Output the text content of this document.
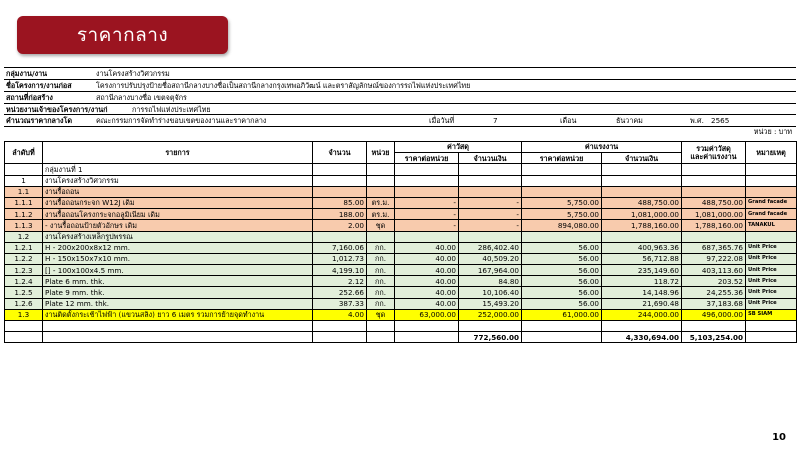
ราคากลาง
กลุ่มงาน/งาน	งานโครงสร้างวิศวกรรม
ชื่อโครงการ/งานก่อส	โครงการปรับปรุงป้ายชื่อสถานีกลางบางซื่อเป็นสถานีกลางกรุงเทพอภิวัฒน์ และตราสัญลักษณ์ของการรถไฟแห่งประเทศไทย
สถานที่ก่อสร้าง	สถานีกลางบางซื่อ เขตจตุจักร
หน่วยงานเจ้าของโครงการ/งานก่	การรถไฟแห่งประเทศไทย
คำนวณราคากลางโด	คณะกรรมการจัดทำร่างขอบเขตของงานและราคากลาง	เมื่อวันที่	7	เดือน	ธันวาคม	พ.ศ. 2565
หน่วย : บาท
ลำดับที่	รายการ	จำนวน	หน่วย	ค่าวัสดุ		ค่าแรงงาน		รวมค่าวัสดุ
และค่าแรงงาน	หมายเหตุ
				ราคาต่อหน่วย	จำนวนเงิน	ราคาต่อหน่วย	จำนวนเงิน		
	กลุ่มงานที่ 1								
1	งานโครงสร้างวิศวกรรม								
1.1	งานรื้อถอน								
1.1.1	งานรื้อถอนกระจก W12J เดิม	85.00	ตร.ม.	-	-	5,750.00	488,750.00	488,750.00	Grand facade
1.1.2	งานรื้อถอนโครงกระจกอลูมิเนียม เดิม	188.00	ตร.ม.	-	-	5,750.00	1,081,000.00	1,081,000.00	Grand facade
1.1.3	- งานรื้อถอนป้ายตัวอักษร เดิม	2.00	ชุด	-	-	894,080.00	1,788,160.00	1,788,160.00	TANAKUL
1.2	งานโครงสร้างเหล็กรูปพรรณ								
1.2.1	H - 200x200x8x12 mm.	7,160.06	กก.	40.00	286,402.40	56.00	400,963.36	687,365.76	Unit Price
1.2.2	H - 150x150x7x10 mm.	1,012.73	กก.	40.00	40,509.20	56.00	56,712.88	97,222.08	Unit Price
1.2.3	[] - 100x100x4.5 mm.	4,199.10	กก.	40.00	167,964.00	56.00	235,149.60	403,113.60	Unit Price
1.2.4	Plate 6 mm. thk.	2.12	กก.	40.00	84.80	56.00	118.72	203.52	Unit Price
1.2.5	Plate 9 mm. thk.	252.66	กก.	40.00	10,106.40	56.00	14,148.96	24,255.36	Unit Price
1.2.6	Plate 12 mm. thk.	387.33	กก.	40.00	15,493.20	56.00	21,690.48	37,183.68	Unit Price
1.3	งานติดตั้งกระเช้าไฟฟ้า (แขวนสลิง) ยาว 6 เมตร รวมการย้ายจุดทำงาน	4.00	ชุด	63,000.00	252,000.00	61,000.00	244,000.00	496,000.00	SB SIAM

					772,560.00		4,330,694.00	5,103,254.00	
10
